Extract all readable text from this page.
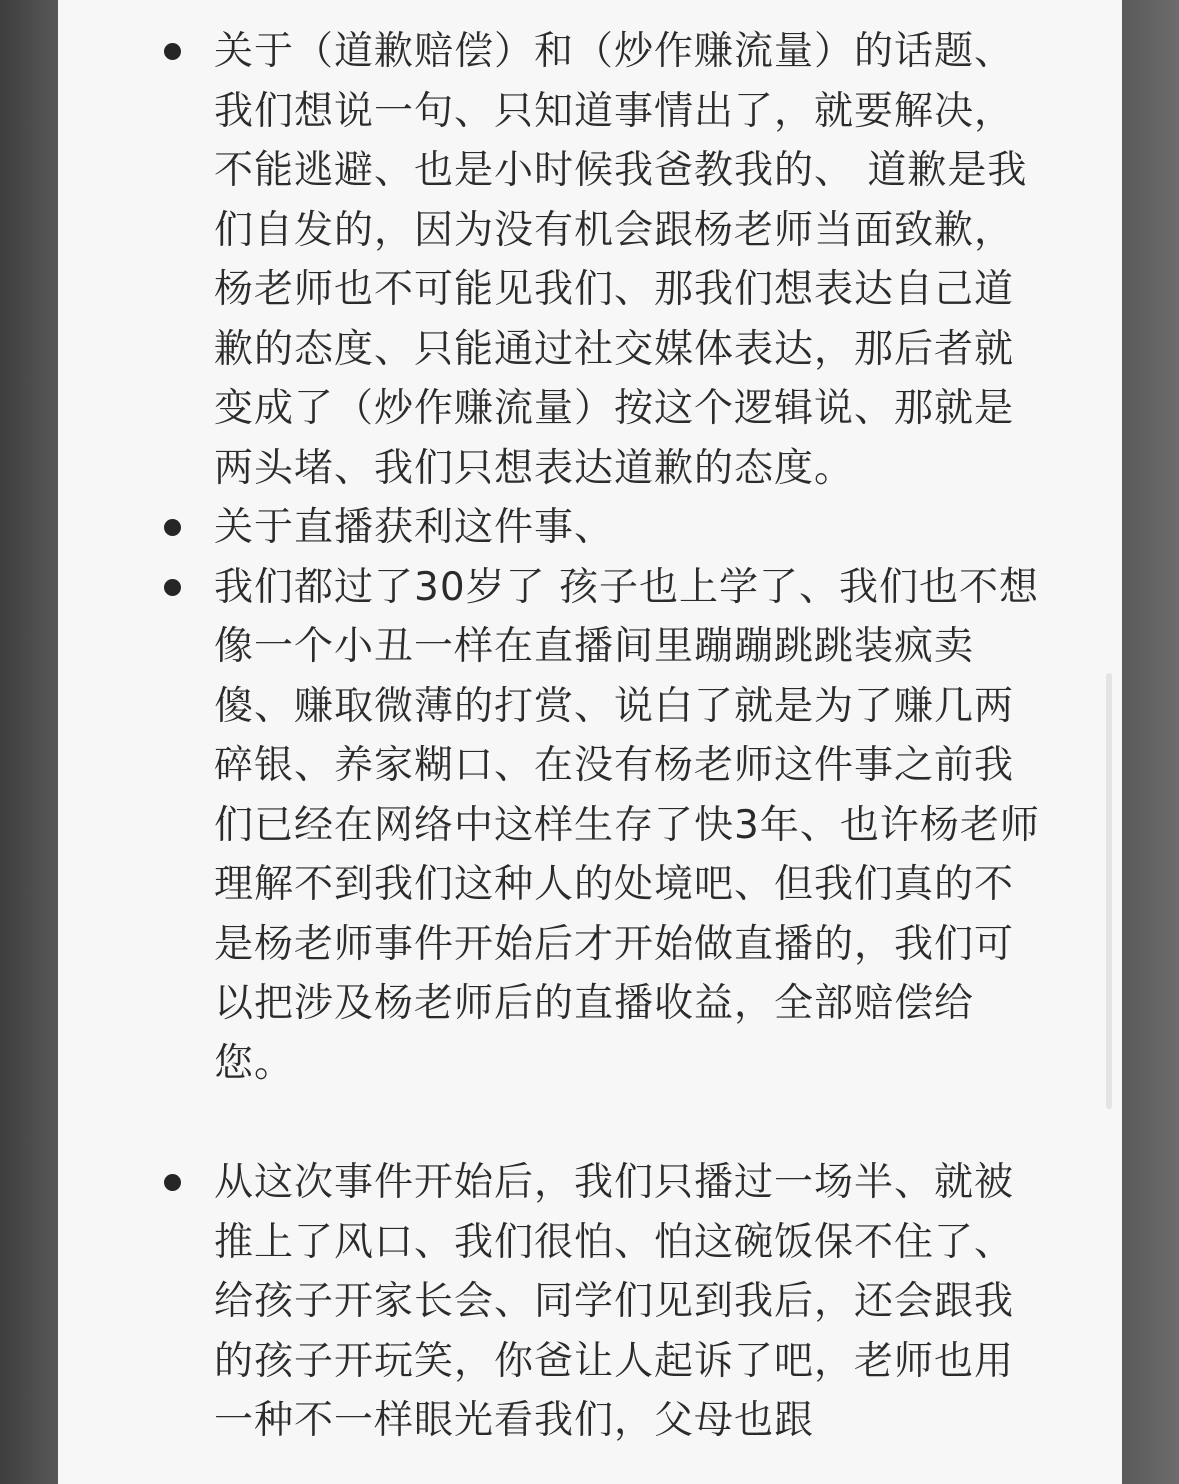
关于（道歉赔偿）和（炒作赚流量）的话题、我们想说一句、只知道事情出了，就要解决，不能逃避、也是小时候我爸教我的、 道歉是我们自发的，因为没有机会跟杨老师当面致歉，杨老师也不可能见我们、那我们想表达自己道歉的态度、只能通过社交媒体表达，那后者就变成了（炒作赚流量）按这个逻辑说、那就是两头堵、我们只想表达道歉的态度。
关于直播获利这件事、
我们都过了30岁了 孩子也上学了、我们也不想像一个小丑一样在直播间里蹦蹦跳跳装疯卖傻、赚取微薄的打赏、说白了就是为了赚几两碎银、养家糊口、在没有杨老师这件事之前我们已经在网络中这样生存了快3年、也许杨老师理解不到我们这种人的处境吧、但我们真的不是杨老师事件开始后才开始做直播的，我们可以把涉及杨老师后的直播收益，全部赔偿给您。
从这次事件开始后，我们只播过一场半、就被推上了风口、我们很怕、怕这碗饭保不住了、给孩子开家长会、同学们见到我后，还会跟我的孩子开玩笑，你爸让人起诉了吧，老师也用一种不一样眼光看我们，父母也跟
